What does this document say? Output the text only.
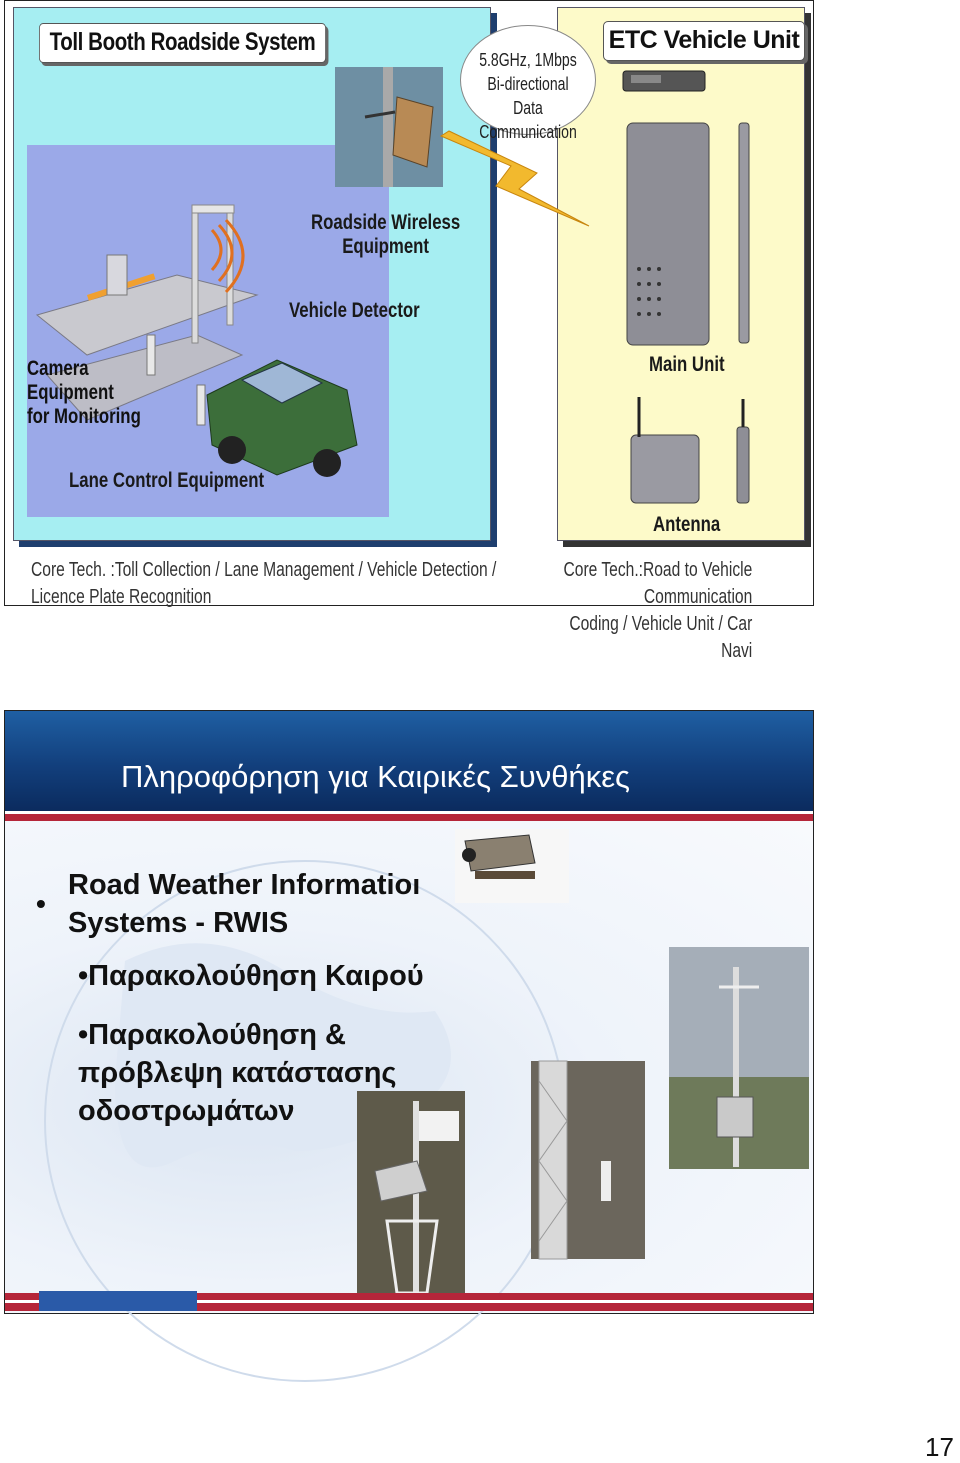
Toll Booth Roadside System	ETC Vehicle Unit
5.8GHz, 1Mbps
Bi-directional Data
Communication
Roadside Wireless
Equipment
Vehicle Detector
Camera
Equipment
for Monitoring
Lane Control Equipment
Main Unit
Antenna
Core Tech. :Toll Collection / Lane Management / Vehicle Detection /
Licence Plate Recognition
Core Tech.:Road to Vehicle Communication
Coding / Vehicle Unit / Car Navi
Πληροφόρηση για Καιρικές Συνθήκες
•
Road Weather Informatioı
Systems - RWIS
•Παρακολούθηση Καιρού
•Παρακολούθηση &
πρόβλεψη κατάστασης
οδοστρωμάτων
17
